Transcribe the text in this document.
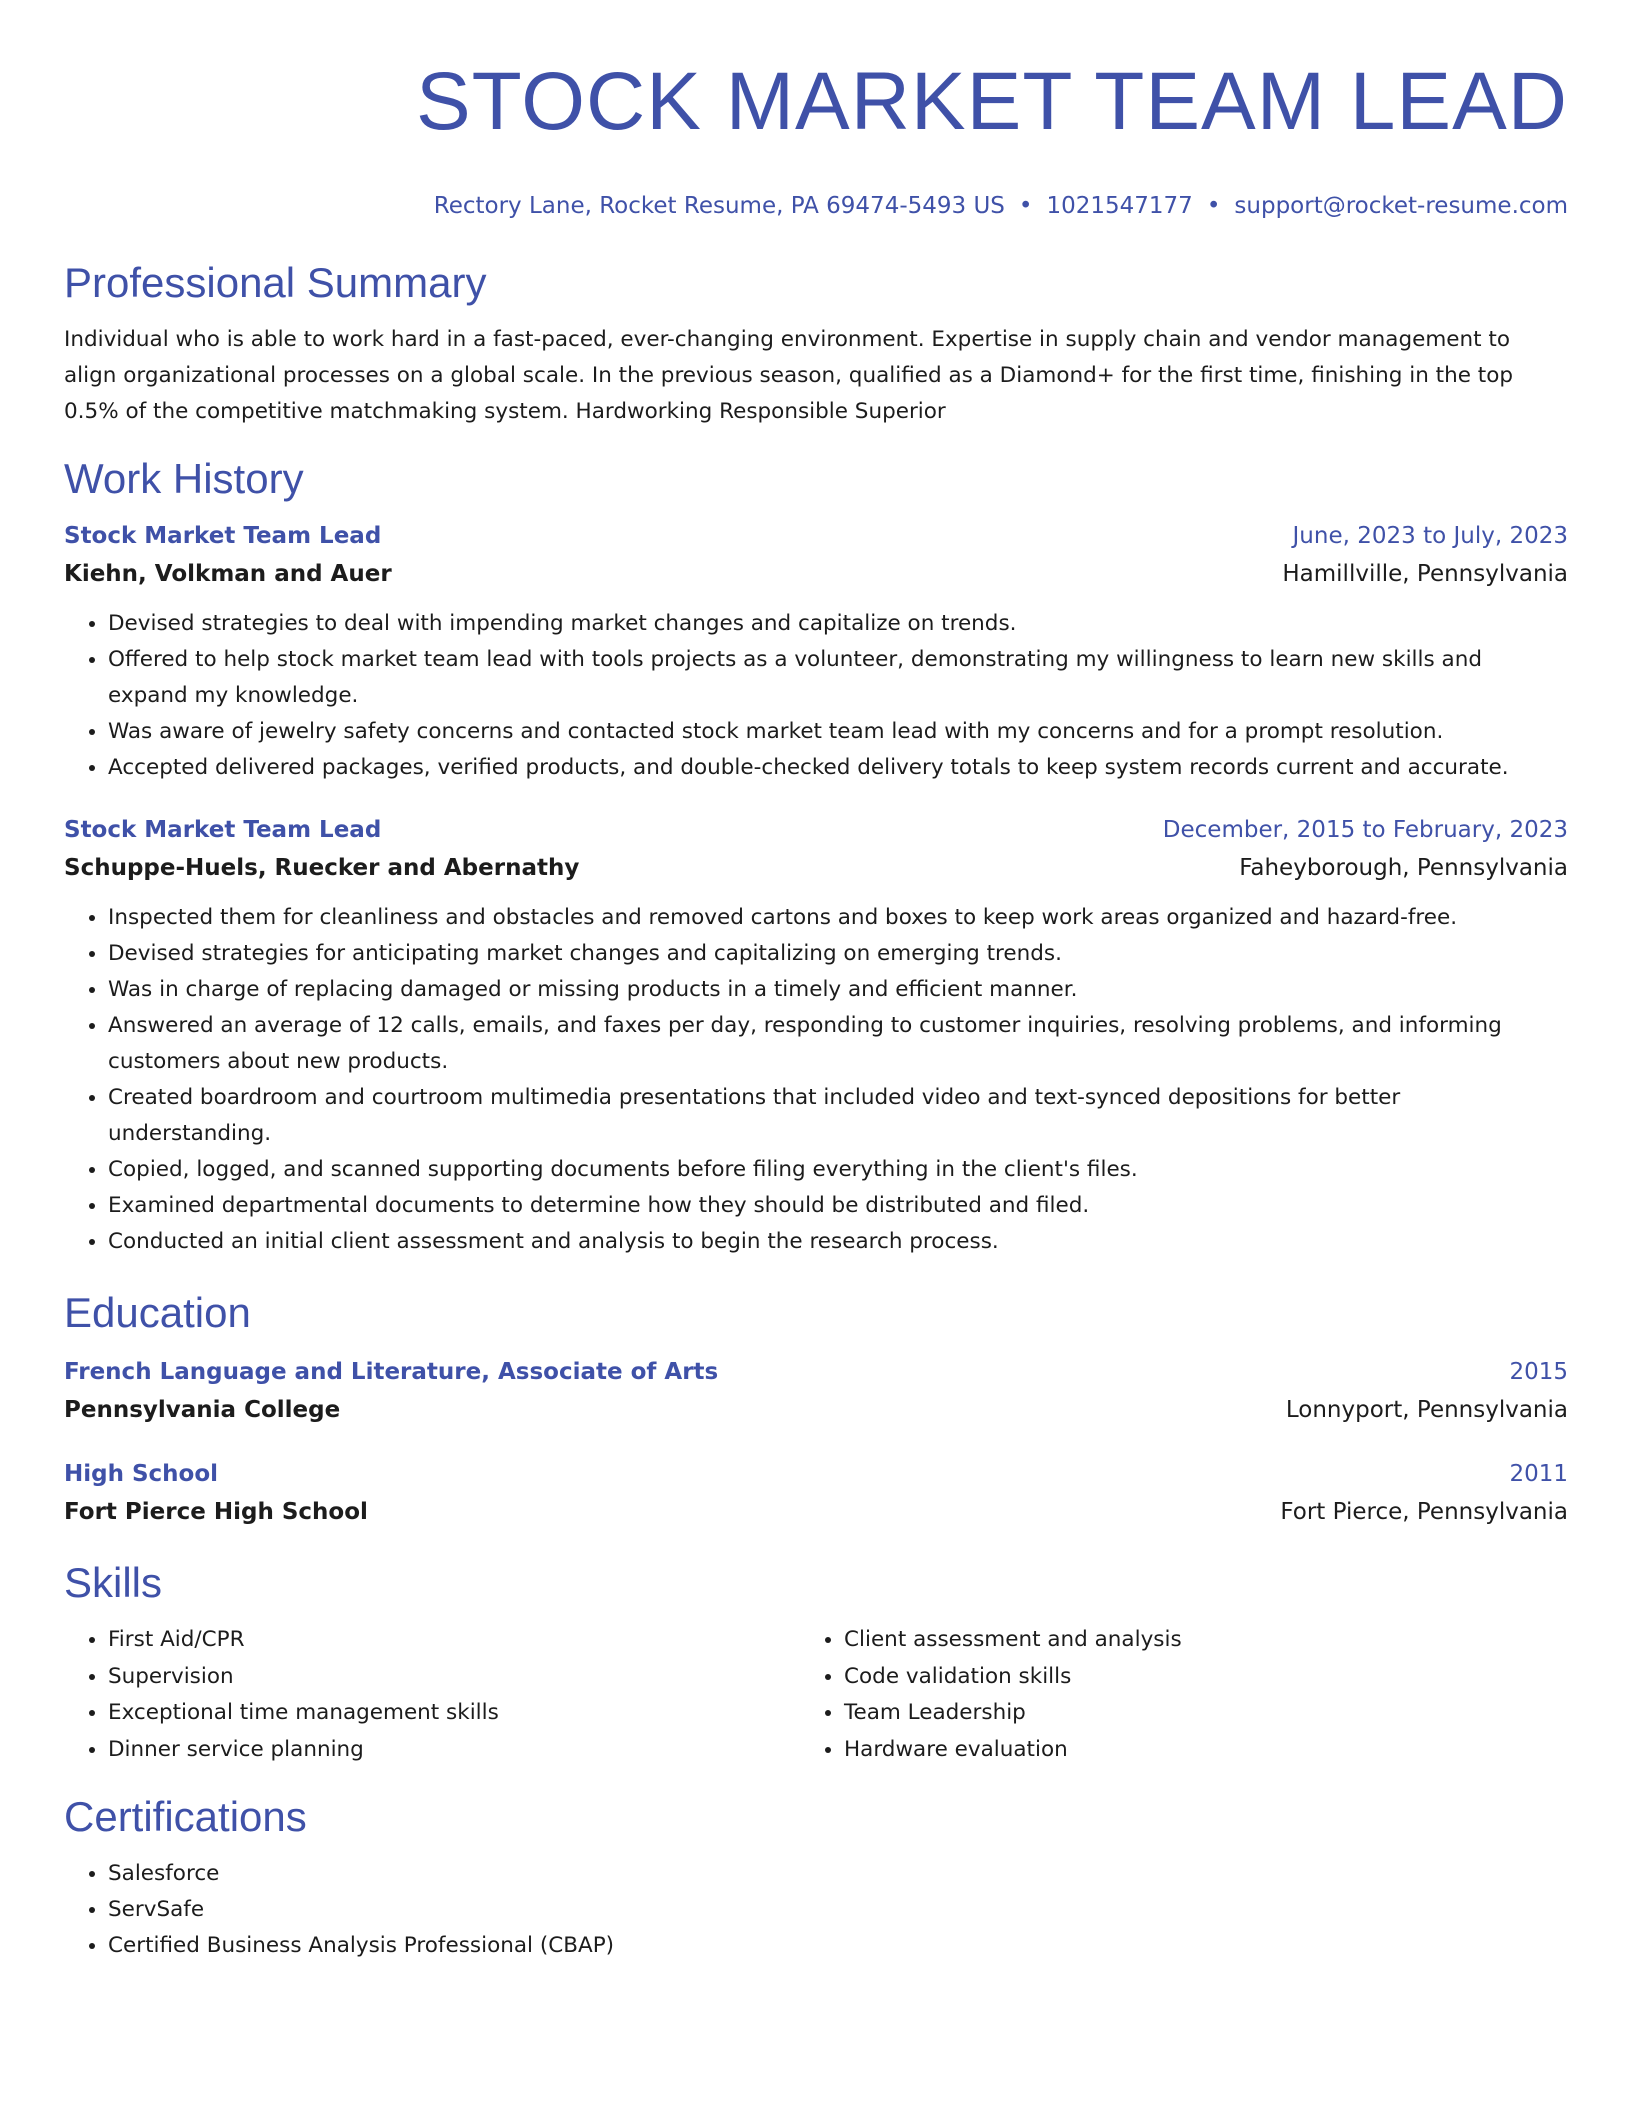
STOCK MARKET TEAM LEAD
Rectory Lane, Rocket Resume, PA 69474-5493 US • 1021547177 • support@rocket-resume.com
Professional Summary
Individual who is able to work hard in a fast-paced, ever-changing environment. Expertise in supply chain and vendor management to align organizational processes on a global scale. In the previous season, qualified as a Diamond+ for the first time, finishing in the top 0.5% of the competitive matchmaking system. Hardworking Responsible Superior
Work History
Stock Market Team Lead	June, 2023 to July, 2023
Kiehn, Volkman and Auer	Hamillville, Pennsylvania
• Devised strategies to deal with impending market changes and capitalize on trends.
• Offered to help stock market team lead with tools projects as a volunteer, demonstrating my willingness to learn new skills and expand my knowledge.
• Was aware of jewelry safety concerns and contacted stock market team lead with my concerns and for a prompt resolution.
• Accepted delivered packages, verified products, and double-checked delivery totals to keep system records current and accurate.
Stock Market Team Lead	December, 2015 to February, 2023
Schuppe-Huels, Ruecker and Abernathy	Faheyborough, Pennsylvania
• Inspected them for cleanliness and obstacles and removed cartons and boxes to keep work areas organized and hazard-free.
• Devised strategies for anticipating market changes and capitalizing on emerging trends.
• Was in charge of replacing damaged or missing products in a timely and efficient manner.
• Answered an average of 12 calls, emails, and faxes per day, responding to customer inquiries, resolving problems, and informing customers about new products.
• Created boardroom and courtroom multimedia presentations that included video and text-synced depositions for better understanding.
• Copied, logged, and scanned supporting documents before filing everything in the client's files.
• Examined departmental documents to determine how they should be distributed and filed.
• Conducted an initial client assessment and analysis to begin the research process.
Education
French Language and Literature, Associate of Arts	2015
Pennsylvania College	Lonnyport, Pennsylvania
High School	2011
Fort Pierce High School	Fort Pierce, Pennsylvania
Skills
• First Aid/CPR
• Supervision
• Exceptional time management skills
• Dinner service planning
• Client assessment and analysis
• Code validation skills
• Team Leadership
• Hardware evaluation
Certifications
• Salesforce
• ServSafe
• Certified Business Analysis Professional (CBAP)
